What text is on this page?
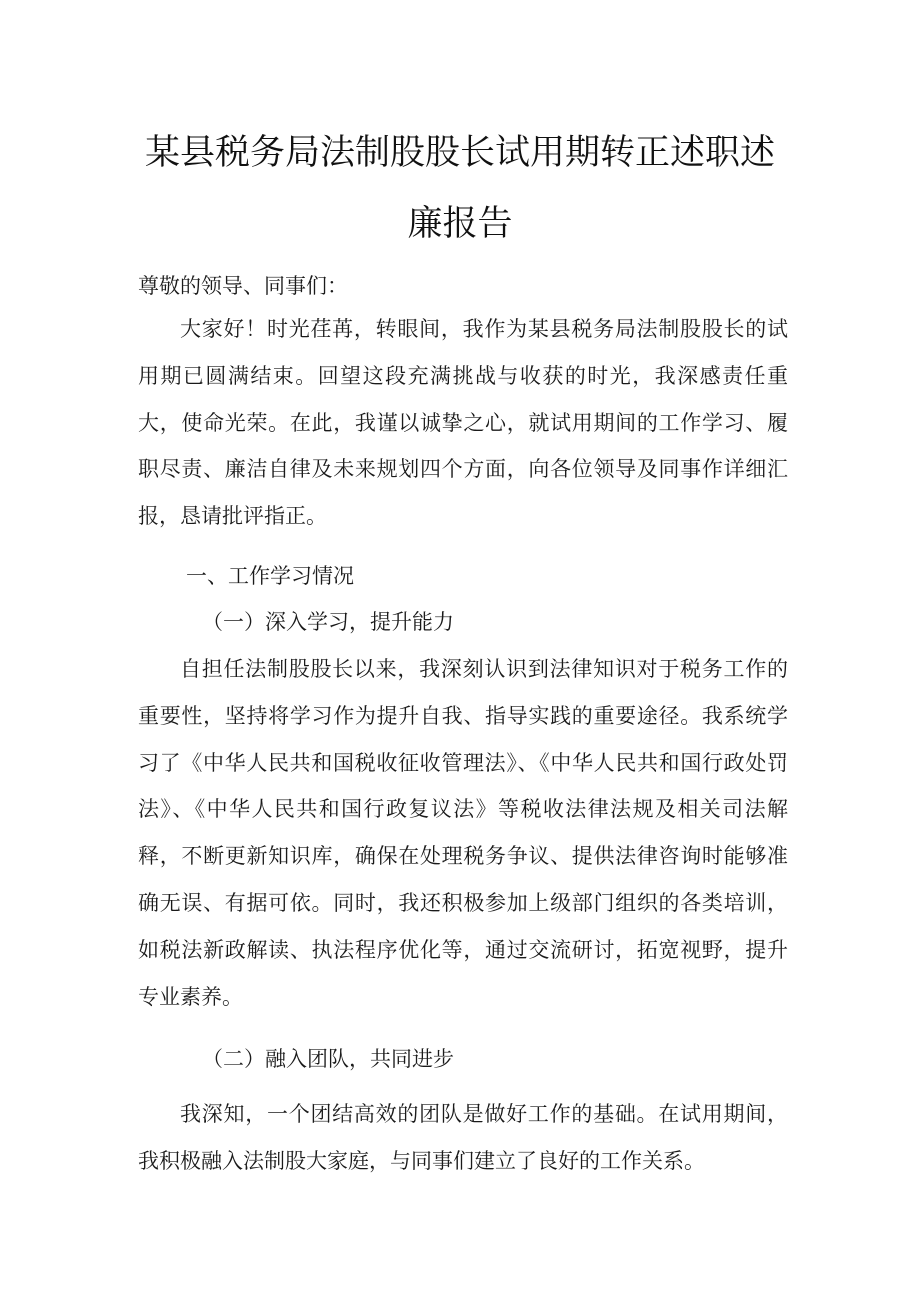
某县税务局法制股股长试用期转正述职述
廉报告
尊敬的领导、同事们：

大家好！时光荏苒，转眼间，我作为某县税务局法制股股长的试用期已圆满结束。回望这段充满挑战与收获的时光，我深感责任重大，使命光荣。在此，我谨以诚挚之心，就试用期间的工作学习、履职尽责、廉洁自律及未来规划四个方面，向各位领导及同事作详细汇报，恳请批评指正。

一、工作学习情况
（一）深入学习，提升能力

自担任法制股股长以来，我深刻认识到法律知识对于税务工作的重要性，坚持将学习作为提升自我、指导实践的重要途径。我系统学习了《中华人民共和国税收征收管理法》、《中华人民共和国行政处罚法》、《中华人民共和国行政复议法》等税收法律法规及相关司法解释，不断更新知识库，确保在处理税务争议、提供法律咨询时能够准确无误、有据可依。同时，我还积极参加上级部门组织的各类培训，如税法新政解读、执法程序优化等，通过交流研讨，拓宽视野，提升专业素养。

（二）融入团队，共同进步

我深知，一个团结高效的团队是做好工作的基础。在试用期间，我积极融入法制股大家庭，与同事们建立了良好的工作关系。
